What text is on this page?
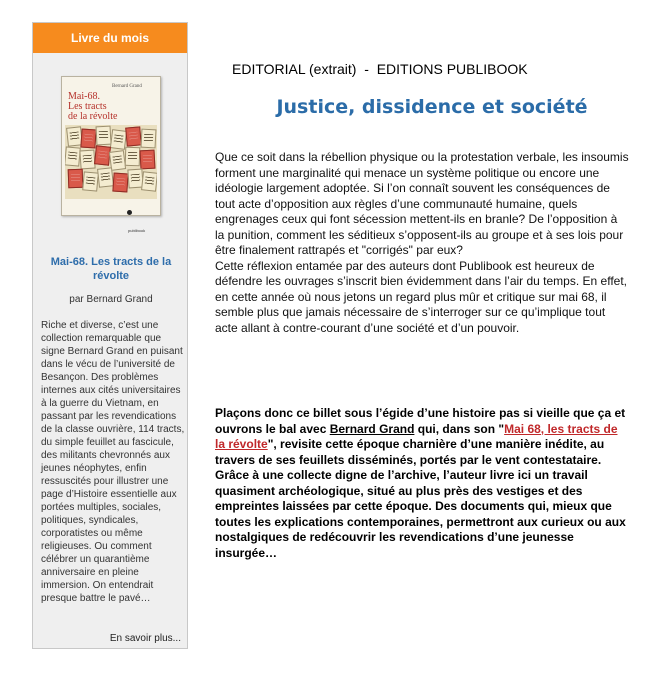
Livre du mois
Bernard Grand
Mai-68.
Les tracts
de la révolte
publibook
Mai-68. Les tracts de la révolte
par Bernard Grand
Riche et diverse, c’est une collection remarquable que signe Bernard Grand en puisant dans le vécu de l’université de Besançon. Des problèmes internes aux cités universitaires à la guerre du Vietnam, en passant par les revendications de la classe ouvrière, 114 tracts, du simple feuillet au fascicule, des militants chevronnés aux jeunes néophytes, enfin ressuscités pour illustrer une page d’Histoire essentielle aux portées multiples, sociales, politiques, syndicales, corporatistes ou même religieuses. Ou comment célébrer un quarantième anniversaire en pleine immersion. On entendrait presque battre le pavé…
En savoir plus...
EDITORIAL (extrait)  -  EDITIONS PUBLIBOOK
Justice, dissidence et société

Que ce soit dans la rébellion physique ou la protestation verbale, les insoumis forment une marginalité qui menace un système politique ou encore une idéologie largement adoptée. Si l’on connaît souvent les conséquences de tout acte d’opposition aux règles d’une communauté humaine, quels engrenages ceux qui font sécession mettent-ils en branle? De l’opposition à la punition, comment les séditieux s’opposent-ils au groupe et à ses lois pour être finalement rattrapés et "corrigés" par eux?

Cette réflexion entamée par des auteurs dont Publibook est heureux de défendre les ouvrages s’inscrit bien évidemment dans l’air du temps. En effet, en cette année où nous jetons un regard plus mûr et critique sur mai 68, il semble plus que jamais nécessaire de s’interroger sur ce qu’implique tout acte allant à contre-courant d’une société et d’un pouvoir.

Plaçons donc ce billet sous l’égide d’une histoire pas si vieille que ça et ouvrons le bal avec Bernard Grand qui, dans son "Mai 68, les tracts de la révolte", revisite cette époque charnière d’une manière inédite, au travers de ses feuillets disséminés, portés par le vent contestataire. Grâce à une collecte digne de l’archive, l’auteur livre ici un travail quasiment archéologique, situé au plus près des vestiges et des empreintes laissées par cette époque. Des documents qui, mieux que toutes les explications contemporaines, permettront aux curieux ou aux nostalgiques de redécouvrir les revendications d’une jeunesse insurgée…
